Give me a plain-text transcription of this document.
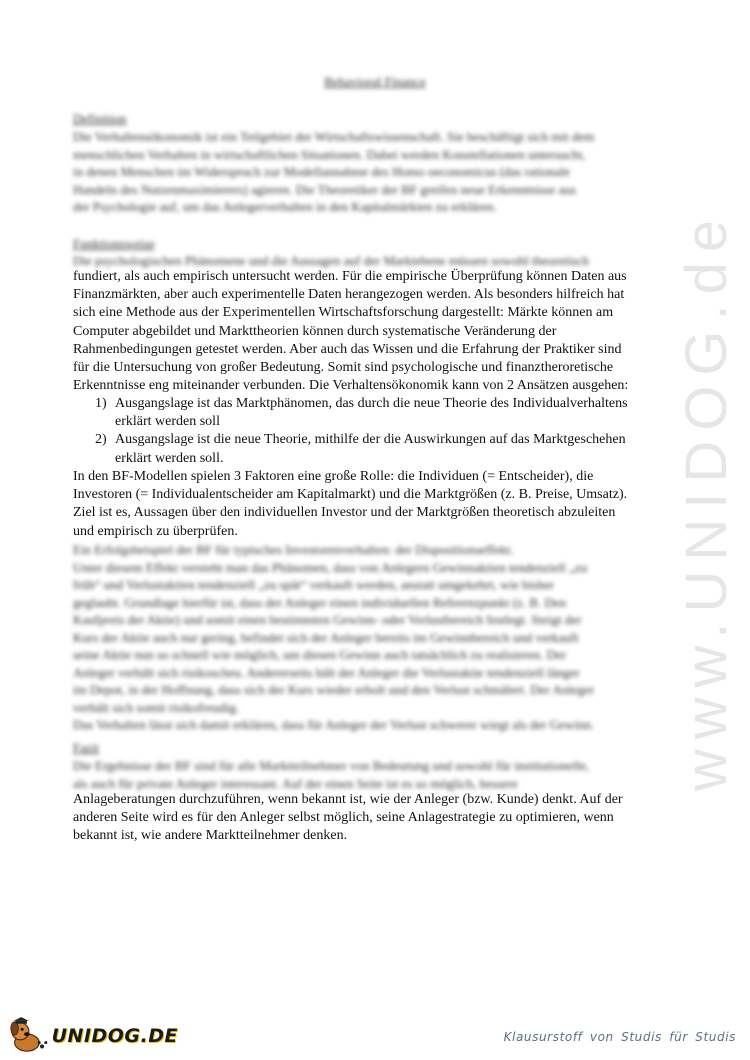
www.UNIDOG.de
Behavioral Finance
Definition
Die Verhaltensökonomik ist ein Teilgebiet der Wirtschaftswissenschaft. Sie beschäftigt sich mit dem
menschlichen Verhalten in wirtschaftlichen Situationen. Dabei werden Konstellationen untersucht,
in denen Menschen im Widerspruch zur Modellannahme des Homo oeconomicus (das rationale
Handeln des Nutzenmaximierers) agieren. Die Theoretiker der BF greifen neue Erkenntnisse aus
der Psychologie auf, um das Anlegerverhalten in den Kapitalmärkten zu erklären.
Funktionsweise
Die psychologischen Phänomene und die Aussagen auf der Marktebene müssen sowohl theoretisch
fundiert, als auch empirisch untersucht werden. Für die empirische Überprüfung können Daten aus
Finanzmärkten, aber auch experimentelle Daten herangezogen werden. Als besonders hilfreich hat
sich eine Methode aus der Experimentellen Wirtschaftsforschung dargestellt: Märkte können am
Computer abgebildet und Markttheorien können durch systematische Veränderung der
Rahmenbedingungen getestet werden. Aber auch das Wissen und die Erfahrung der Praktiker sind
für die Untersuchung von großer Bedeutung. Somit sind psychologische und finanztheroretische
Erkenntnisse eng miteinander verbunden. Die Verhaltensökonomik kann von 2 Ansätzen ausgehen:
1) Ausgangslage ist das Marktphänomen, das durch die neue Theorie des Individualverhaltens
erklärt werden soll
2) Ausgangslage ist die neue Theorie, mithilfe der die Auswirkungen auf das Marktgeschehen
erklärt werden soll.
In den BF-Modellen spielen 3 Faktoren eine große Rolle: die Individuen (= Entscheider), die
Investoren (= Individualentscheider am Kapitalmarkt) und die Marktgrößen (z. B. Preise, Umsatz).
Ziel ist es, Aussagen über den individuellen Investor und der Marktgrößen theoretisch abzuleiten
und empirisch zu überprüfen.
Ein Erfolgsbeispiel der BF für typisches Investorenverhalten: der Dispositionseffekt.
Unter diesem Effekt versteht man das Phänomen, dass von Anlegern Gewinnaktien tendenziell „zu
früh“ und Verlustaktien tendenziell „zu spät“ verkauft werden, anstatt umgekehrt, wie bisher
geglaubt. Grundlage hierfür ist, dass der Anleger einen individuellen Referenzpunkt (z. B. Den
Kaufpreis der Aktie) und somit einen bestimmten Gewinn- oder Verlustbereich festlegt. Steigt der
Kurs der Aktie auch nur gering, befindet sich der Anleger bereits im Gewinnbereich und verkauft
seine Aktie nun so schnell wie möglich, um diesen Gewinn auch tatsächlich zu realisieren. Der
Anleger verhält sich risikoscheu. Andererseits hält der Anleger die Verlustaktie tendenziell länger
im Depot, in der Hoffnung, dass sich der Kurs wieder erholt und den Verlust schmälert. Der Anleger
verhält sich somit risikofreudig.
Das Verhalten lässt sich damit erklären, dass für Anleger der Verlust schwerer wiegt als der Gewinn.
Fazit
Die Ergebnisse der BF sind für alle Marktteilnehmer von Bedeutung und sowohl für institutionelle,
als auch für private Anleger interessant. Auf der einen Seite ist es so möglich, bessere
Anlageberatungen durchzuführen, wenn bekannt ist, wie der Anleger (bzw. Kunde) denkt. Auf der
anderen Seite wird es für den Anleger selbst möglich, seine Anlagestrategie zu optimieren, wenn
bekannt ist, wie andere Marktteilnehmer denken.
UNIDOG.DE	Klausurstoff von Studis für Studis
